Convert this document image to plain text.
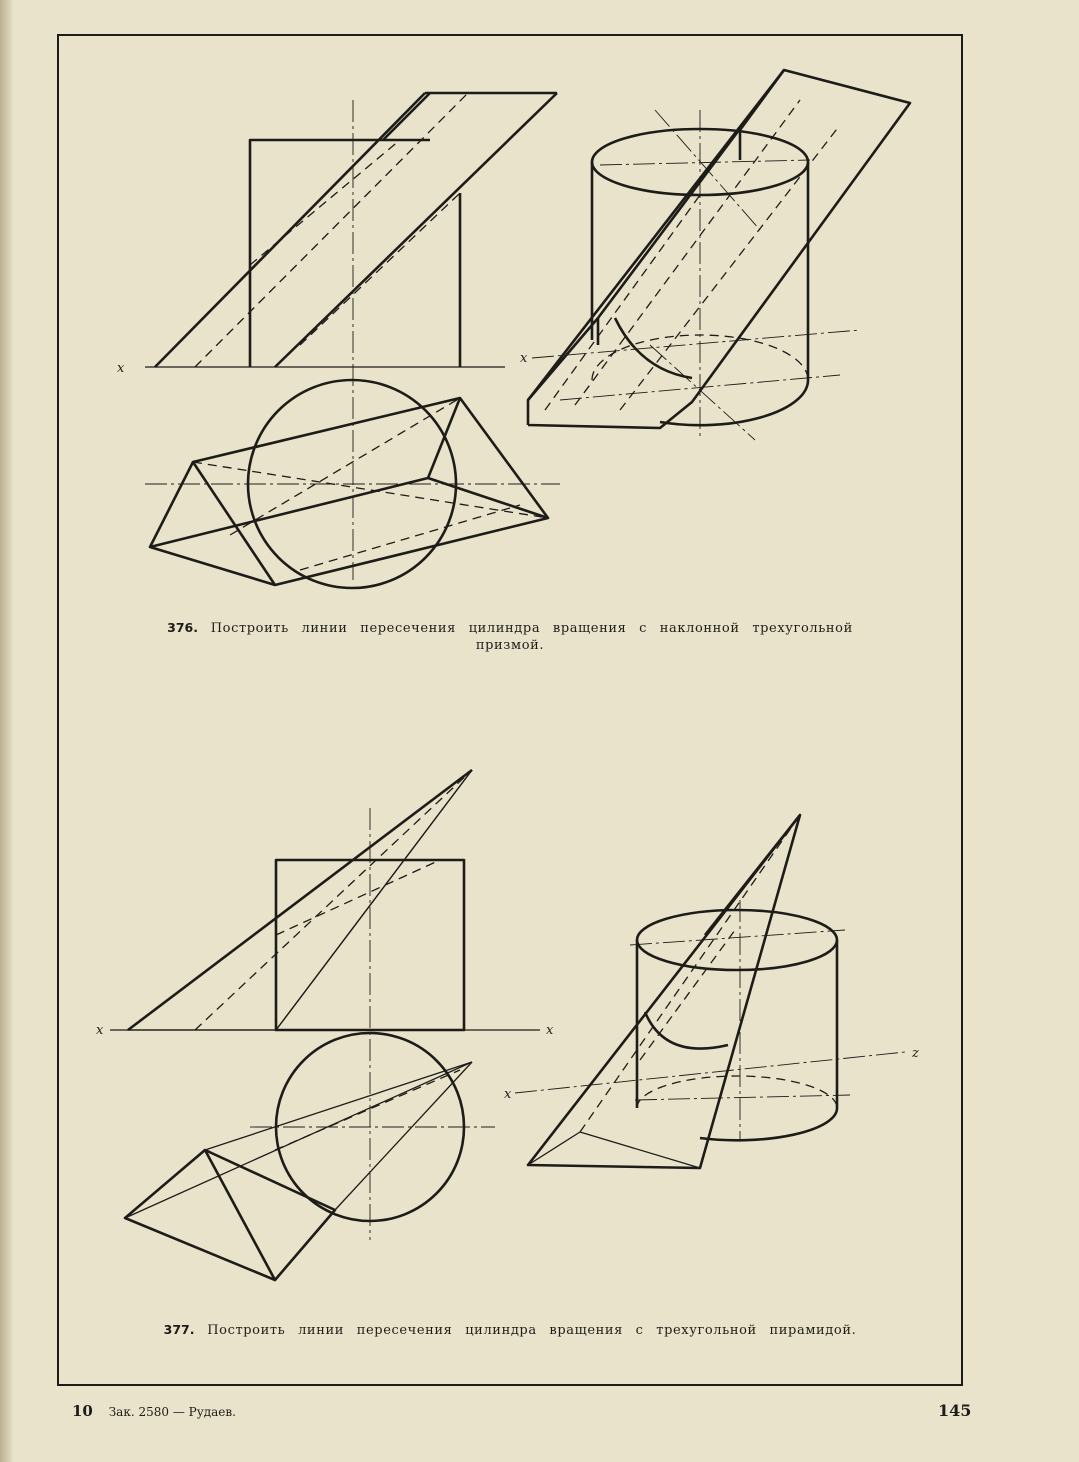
x
x
x	x
x
z
376. Построить линии пересечения цилиндра вращения с наклонной трехугольной
призмой.
377. Построить линии пересечения цилиндра вращения с трехугольной пирамидой.
10 Зак. 2580 — Рудаев.	145
